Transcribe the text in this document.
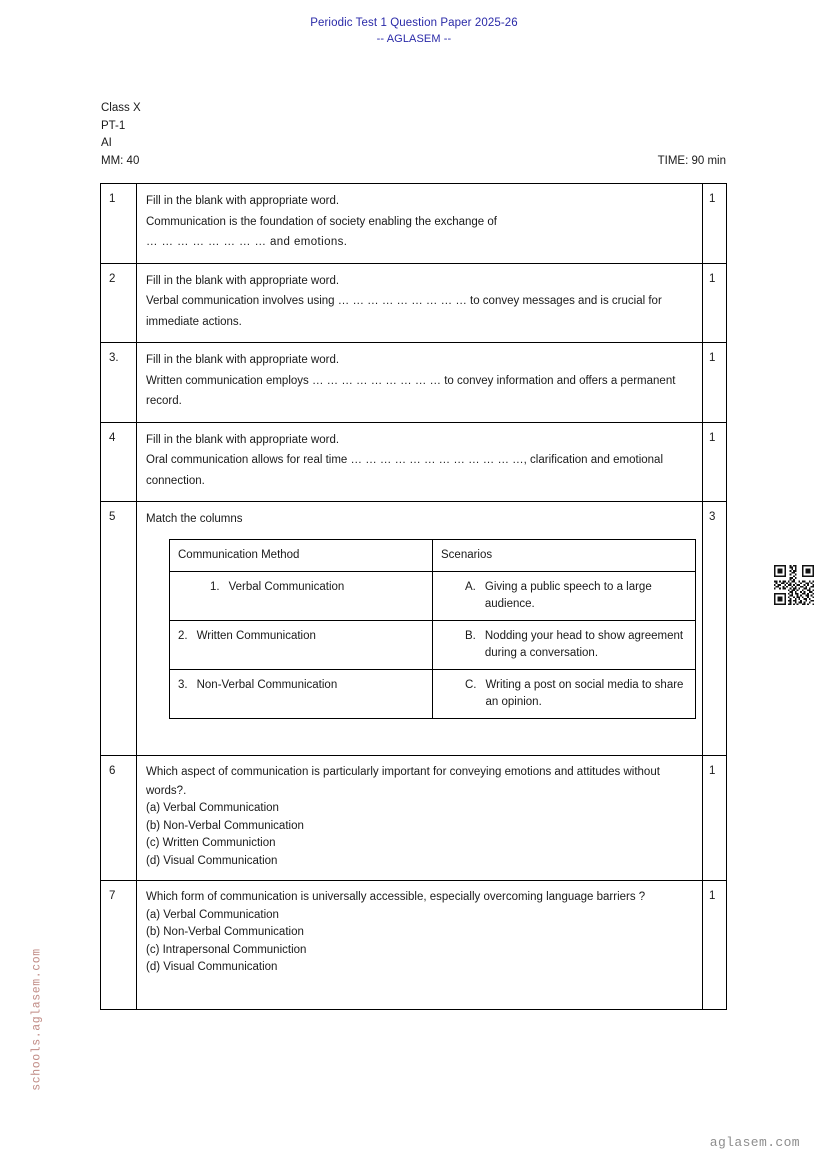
Periodic Test 1 Question Paper 2025-26
-- AGLASEM --
Class X
PT-1
AI
MM: 40	TIME: 90 min
1	Fill in the blank with appropriate word.

Communication is the foundation of society enabling the exchange of

… … … … … … … … and emotions.

1

2	Fill in the blank with appropriate word.

Verbal communication involves using … … … … … … … … … to convey messages and is crucial for immediate actions.

1

3.	Fill in the blank with appropriate word.

Written communication employs … … … … … … … … … to convey information and offers a permanent record.

1

4	Fill in the blank with appropriate word.

Oral communication allows for real time … … … … … … … … … … … …, clarification and emotional connection.

1

5	Match the columns

Communication Method	Scenarios

1. Verbal Communication	A. Giving a public speech to a large audience.

2. Written Communication	B. Nodding your head to show agreement during a conversation.

3. Non-Verbal Communication	C. Writing a post on social media to share an opinion.

3

6	Which aspect of communication is particularly important for conveying emotions and attitudes without words?.

(a) Verbal Communication

(b) Non-Verbal Communication

(c) Written Communiction

(d) Visual Communication

1

7	Which form of communication is universally accessible, especially overcoming language barriers ?

(a) Verbal Communication

(b) Non-Verbal Communication

(c) Intrapersonal Communiction

(d) Visual Communication

1
schools.aglasem.com
aglasem.com
